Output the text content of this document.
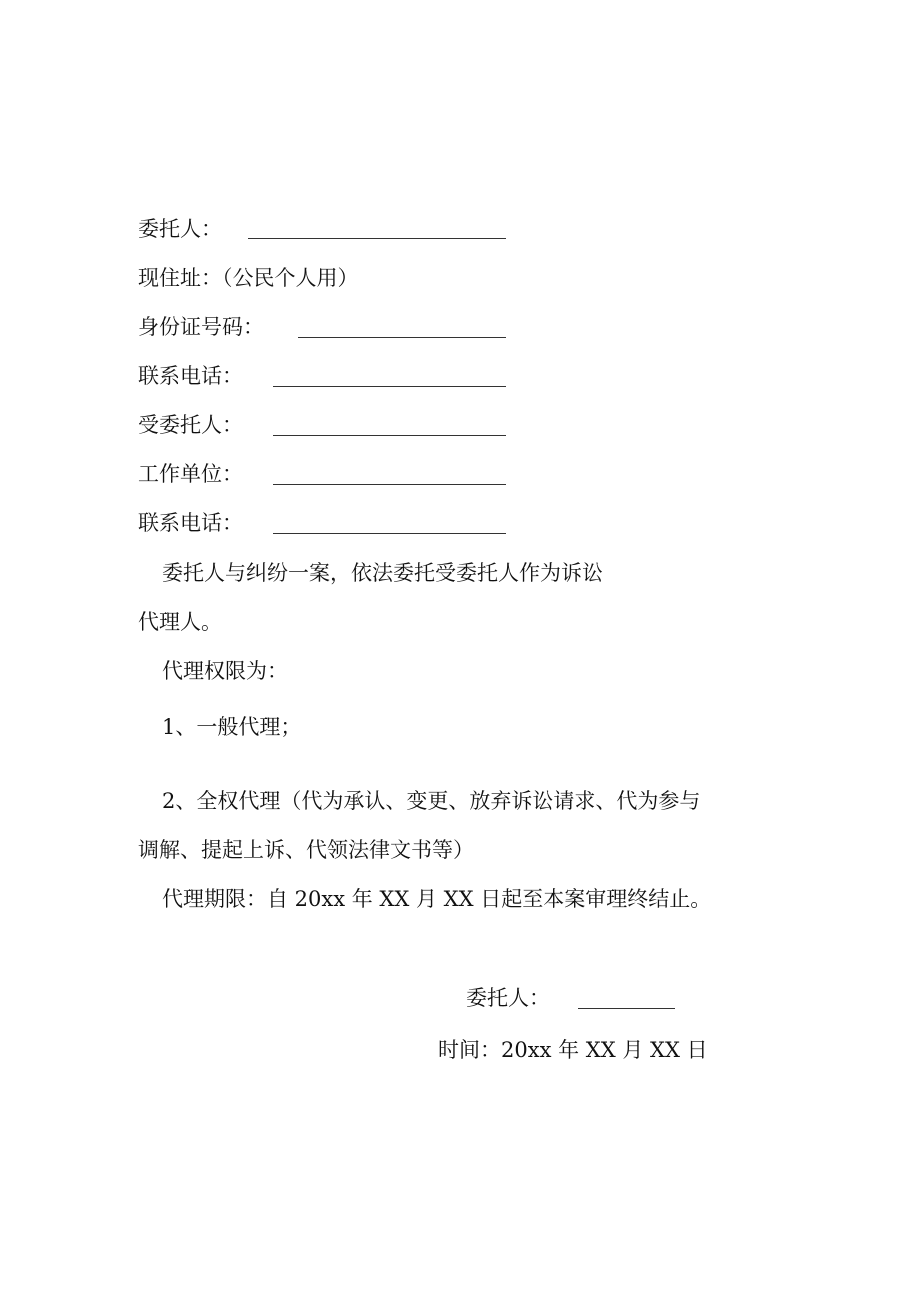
委托人：
现住址：（公民个人用）
身份证号码：
联系电话：
受委托人：
工作单位：
联系电话：
委托人与纠纷一案，依法委托受委托人作为诉讼
代理人。
代理权限为：
1、一般代理；
2、全权代理（代为承认、变更、放弃诉讼请求、代为参与
调解、提起上诉、代领法律文书等）
代理期限：自 20xx 年 XX 月 XX 日起至本案审理终结止。
委托人：
时间：20xx 年 XX 月 XX 日
